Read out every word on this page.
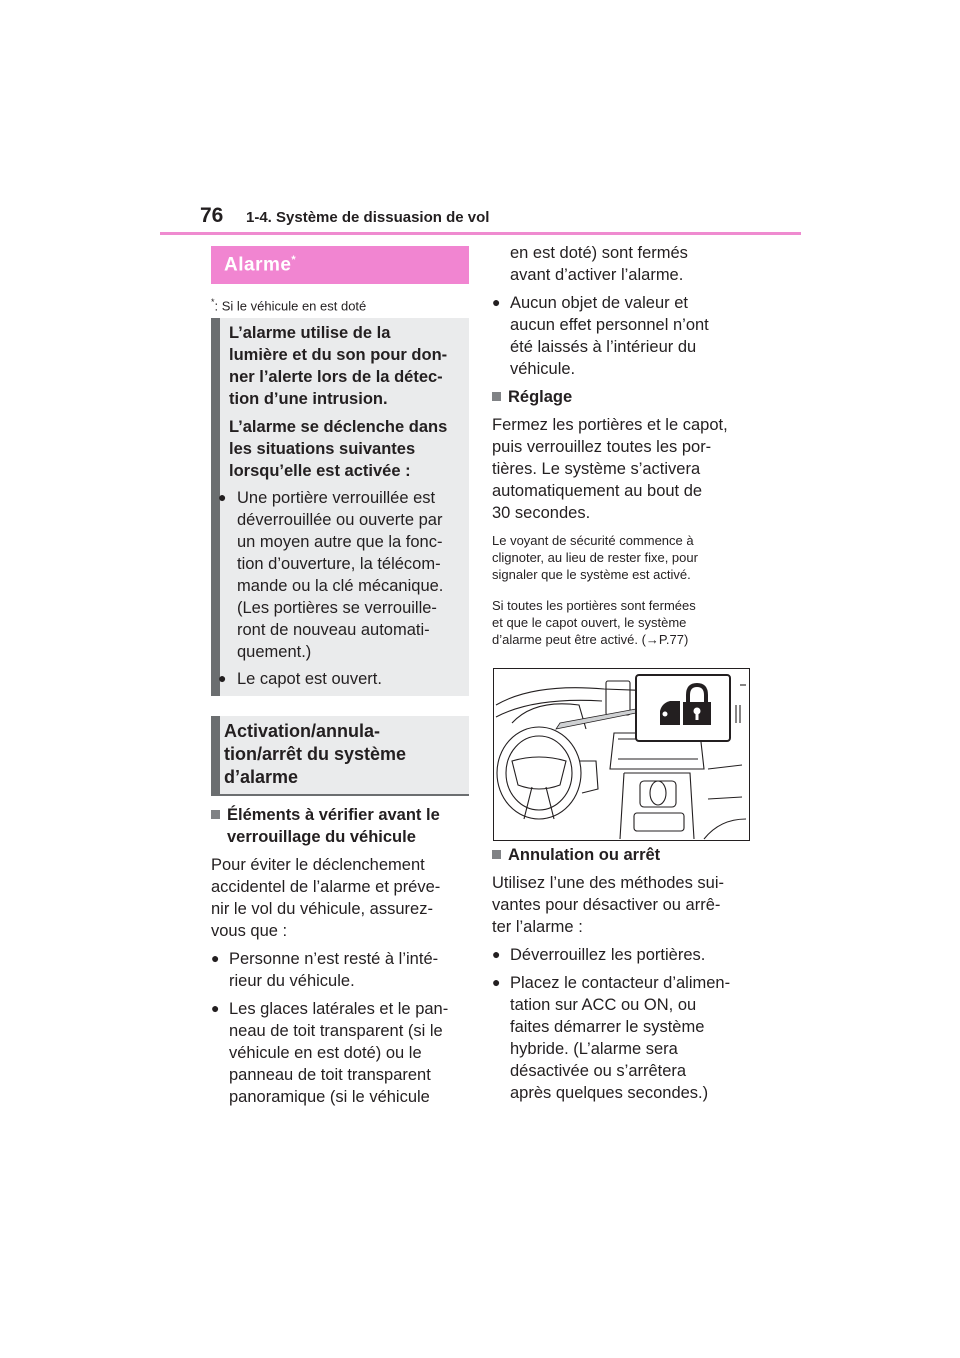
76 1-4. Système de dissuasion de vol
Alarme*
*: Si le véhicule en est doté
L’alarme utilise de la
lumière et du son pour don-
ner l’alerte lors de la détec-
tion d’une intrusion.
L’alarme se déclenche dans
les situations suivantes
lorsqu’elle est activée :
● Une portière verrouillée est
déverrouillée ou ouverte par
un moyen autre que la fonc-
tion d’ouverture, la télécom-
mande ou la clé mécanique.
(Les portières se verrouille-
ront de nouveau automati-
quement.)
● Le capot est ouvert.
Activation/annula-
tion/arrêt du système
d’alarme
Éléments à vérifier avant le
verrouillage du véhicule
Pour éviter le déclenchement
accidentel de l’alarme et préve-
nir le vol du véhicule, assurez-
vous que :
● Personne n’est resté à l’inté-
rieur du véhicule.
● Les glaces latérales et le pan-
neau de toit transparent (si le
véhicule en est doté) ou le
panneau de toit transparent
panoramique (si le véhicule
en est doté) sont fermés
avant d’activer l’alarme.
● Aucun objet de valeur et
aucun effet personnel n’ont
été laissés à l’intérieur du
véhicule.
Réglage
Fermez les portières et le capot,
puis verrouillez toutes les por-
tières. Le système s’activera
automatiquement au bout de
30 secondes.
Le voyant de sécurité commence à
clignoter, au lieu de rester fixe, pour
signaler que le système est activé.
Si toutes les portières sont fermées
et que le capot ouvert, le système
d’alarme peut être activé. (→P.77)
Annulation ou arrêt
Utilisez l’une des méthodes sui-
vantes pour désactiver ou arrê-
ter l’alarme :
● Déverrouillez les portières.
● Placez le contacteur d’alimen-
tation sur ACC ou ON, ou
faites démarrer le système
hybride. (L’alarme sera
désactivée ou s’arrêtera
après quelques secondes.)
